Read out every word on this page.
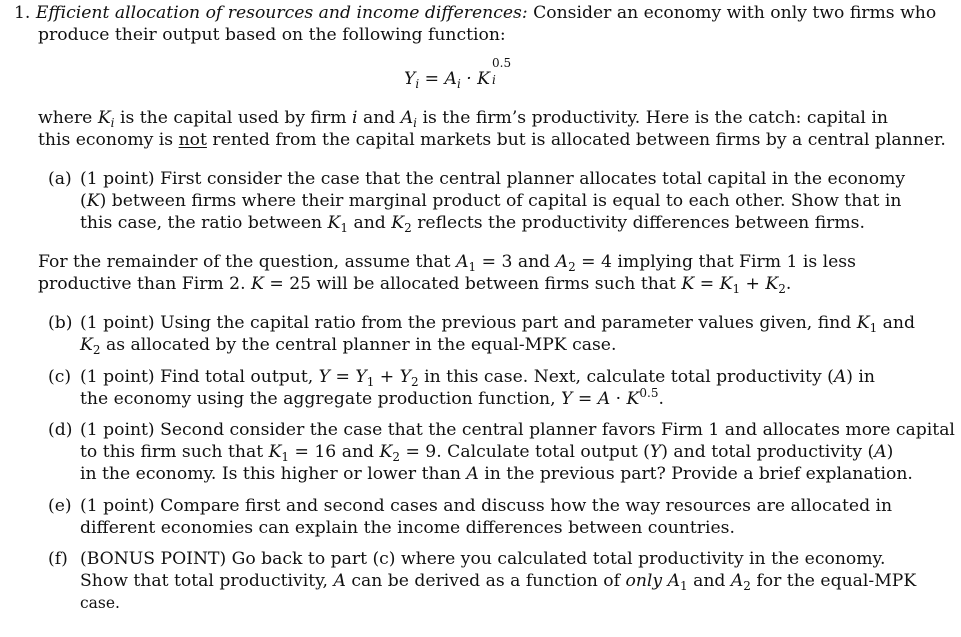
1. Efficient allocation of resources and income differences: Consider an economy with only two firms who
produce their output based on the following function:
$Y_i = A_i \cdot K$
0.5
i
where $K_i$ is the capital used by firm i and $A_i$ is the firm’s productivity. Here is the catch: capital in
this economy is not rented from the capital markets but is allocated between firms by a central planner.
(a) (1 point) First consider the case that the central planner allocates total capital in the economy
(K) between firms where their marginal product of capital is equal to each other. Show that in
this case, the ratio between $K_1$ and $K_2$ reflects the productivity differences between firms.
For the remainder of the question, assume that $A_1 = 3$ and $A_2 = 4$ implying that Firm 1 is less
productive than Firm 2. K = 25 will be allocated between firms such that $K = K_1 + K_2$.
(b) (1 point) Using the capital ratio from the previous part and parameter values given, find $K_1$ and
$K_2$ as allocated by the central planner in the equal-MPK case.
(c) (1 point) Find total output, $Y = Y_1 + Y_2$ in this case. Next, calculate total productivity (A) in
the economy using the aggregate production function, $Y = A \cdot K^{0.5}$.
(d) (1 point) Second consider the case that the central planner favors Firm 1 and allocates more capital
to this firm such that $K_1 = 16$ and $K_2 = 9$. Calculate total output (Y) and total productivity (A)
in the economy. Is this higher or lower than A in the previous part? Provide a brief explanation.
(e) (1 point) Compare first and second cases and discuss how the way resources are allocated in
different economies can explain the income differences between countries.
(f) (BONUS POINT) Go back to part (c) where you calculated total productivity in the economy.
Show that total productivity, A can be derived as a function of only $A_1$ and $A_2$ for the equal-MPK
case.
